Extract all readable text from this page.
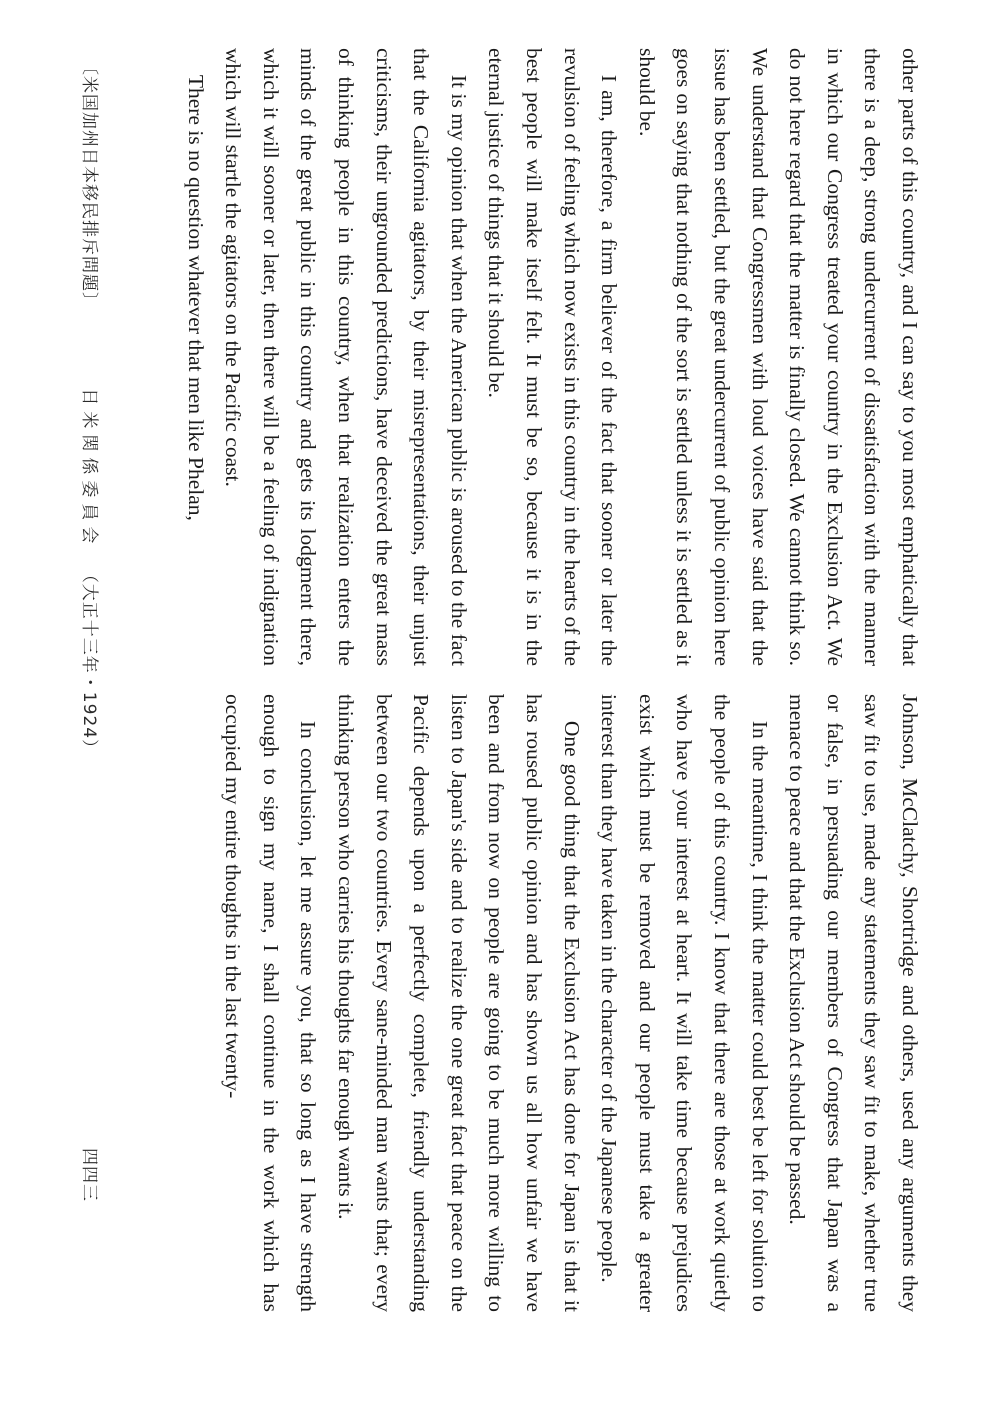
other parts of this country, and I can say to you most emphatically that there is a deep, strong undercurrent of dissatisfaction with the manner in which our Congress treated your country in the Exclusion Act. We do not here regard that the matter is finally closed. We cannot think so. We understand that Congressmen with loud voices have said that the issue has been settled, but the great undercurrent of public opinion here goes on saying that nothing of the sort is settled unless it is settled as it should be.

I am, therefore, a firm believer of the fact that sooner or later the revulsion of feeling which now exists in this country in the hearts of the best people will make itself felt. It must be so, because it is in the eternal justice of things that it should be.

It is my opinion that when the American public is aroused to the fact that the California agitators, by their misrepresentations, their unjust criticisms, their ungrounded predictions, have deceived the great mass of thinking people in this country, when that realization enters the minds of the great public in this country and gets its lodgment there, which it will sooner or later, then there will be a feeling of indignation which will startle the agitators on the Pacific coast.

There is no question whatever that men like Phelan,

Johnson, McClatchy, Shortridge and others, used any arguments they saw fit to use, made any statements they saw fit to make, whether true or false, in persuading our members of Congress that Japan was a menace to peace and that the Exclusion Act should be passed.

In the meantime, I think the matter could best be left for solution to the people of this country. I know that there are those at work quietly who have your interest at heart. It will take time because prejudices exist which must be removed and our people must take a greater interest than they have taken in the character of the Japanese people.

One good thing that the Exclusion Act has done for Japan is that it has roused public opinion and has shown us all how unfair we have been and from now on people are going to be much more willing to listen to Japan's side and to realize the one great fact that peace on the Pacific depends upon a perfectly complete, friendly understanding between our two countries. Every sane-minded man wants that; every thinking person who carries his thoughts far enough wants it.

In conclusion, let me assure you, that so long as I have strength enough to sign my name, I shall continue in the work which has occupied my entire thoughts in the last twenty-

〔米国加州日本移民排斥問題〕 日米関係委員会 （大正十三年・1924）
四四三
